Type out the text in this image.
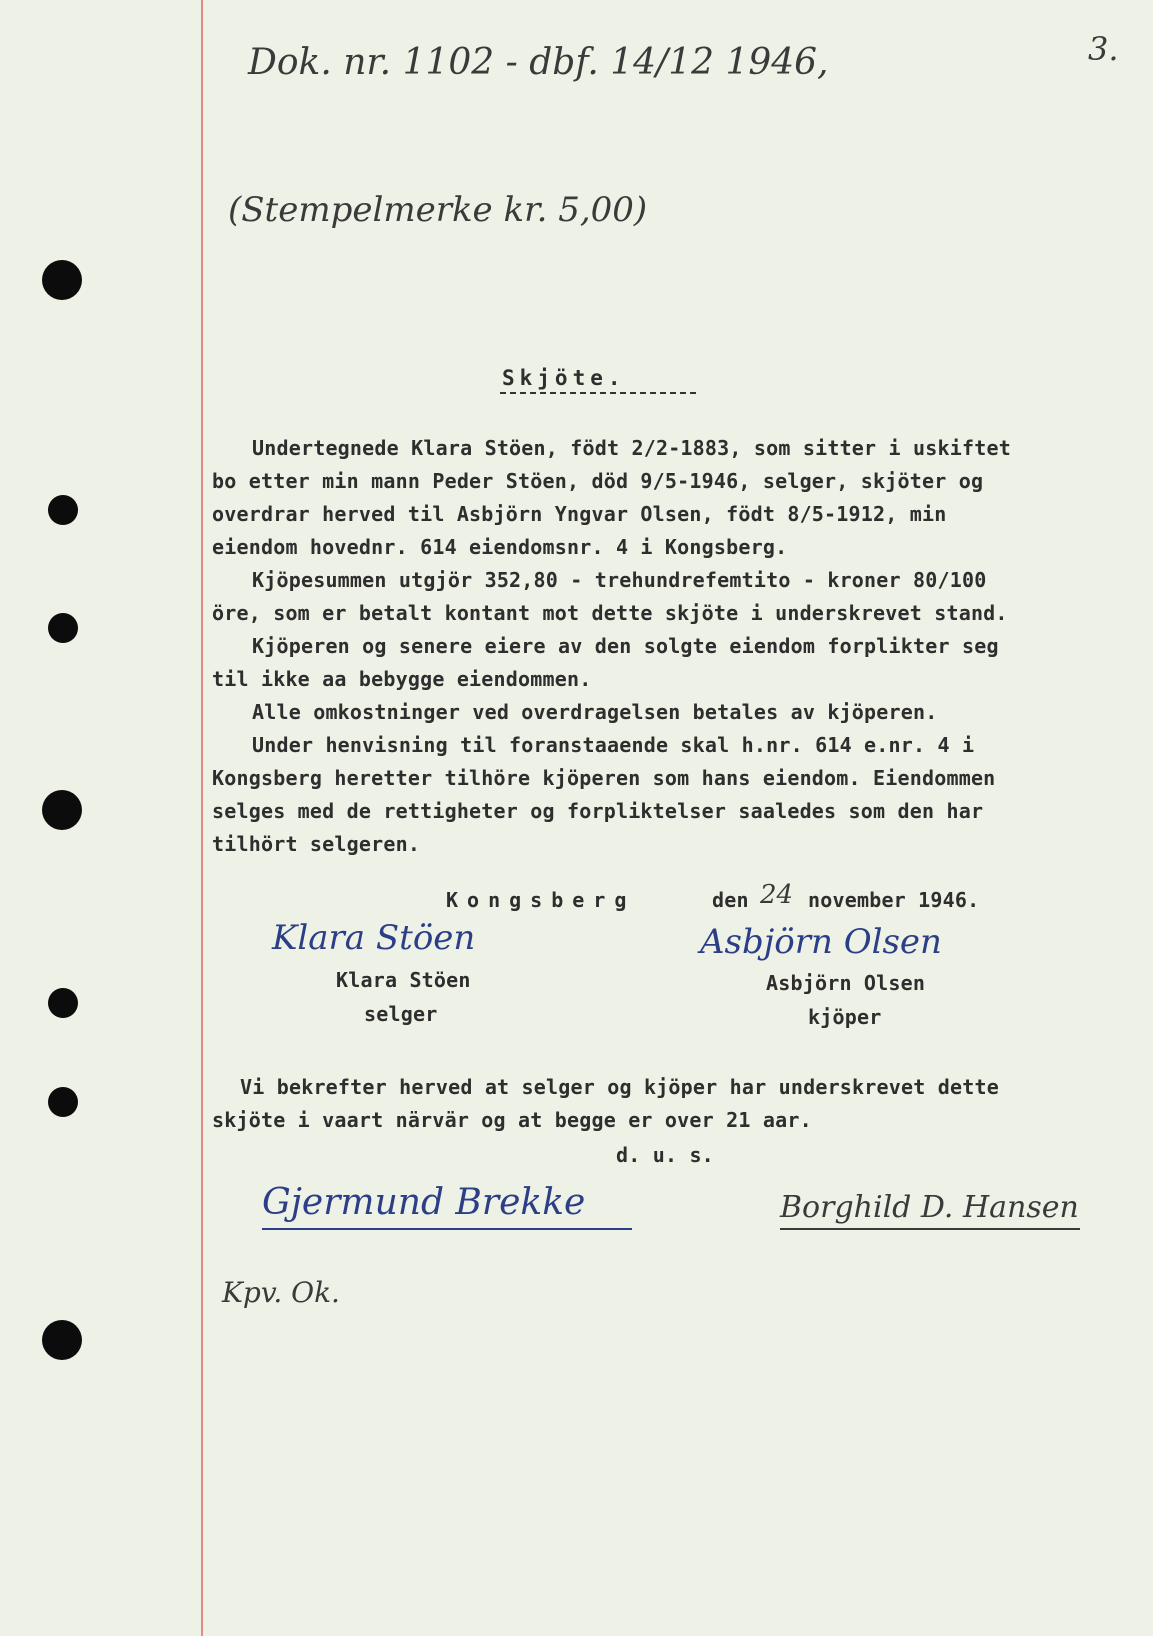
Dok. nr. 1102 - dbf. 14/12 1946,	3.
(Stempelmerke kr. 5,00)
Skjöte.
Undertegnede Klara Stöen, födt 2/2-1883, som sitter i uskiftet
bo etter min mann Peder Stöen, död 9/5-1946, selger, skjöter og
overdrar herved til Asbjörn Yngvar Olsen, födt 8/5-1912, min
eiendom hovednr. 614 eiendomsnr. 4 i Kongsberg.
Kjöpesummen utgjör 352,80 - trehundrefemtito - kroner 80/100
öre, som er betalt kontant mot dette skjöte i underskrevet stand.
Kjöperen og senere eiere av den solgte eiendom forplikter seg
til ikke aa bebygge eiendommen.
Alle omkostninger ved overdragelsen betales av kjöperen.
Under henvisning til foranstaaende skal h.nr. 614 e.nr. 4 i
Kongsberg heretter tilhöre kjöperen som hans eiendom. Eiendommen
selges med de rettigheter og forpliktelser saaledes som den har
tilhört selgeren.
Kongsberg	den 24 november 1946.
Klara Stöen	Asbjörn Olsen
Klara Stöen
selger
Asbjörn Olsen
kjöper
Vi bekrefter herved at selger og kjöper har underskrevet dette
skjöte i vaart närvär og at begge er over 21 aar.
d. u. s.
Gjermund Brekke	Borghild D. Hansen
Kpv. Ok.
